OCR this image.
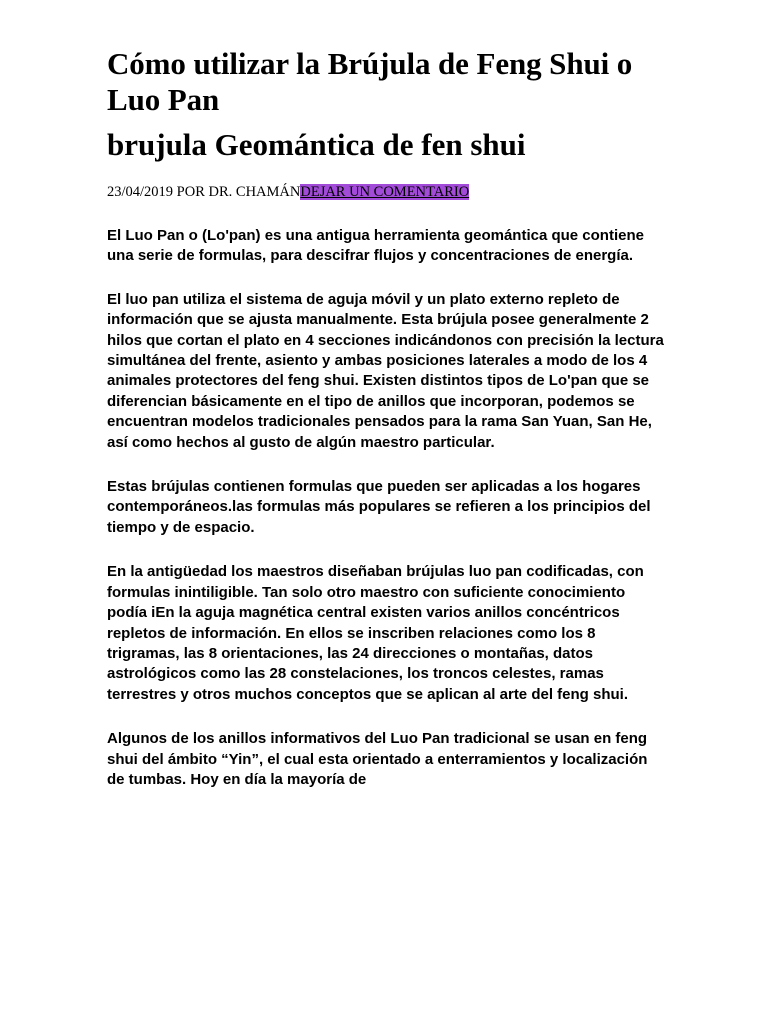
Cómo utilizar la Brújula de Feng Shui o Luo Pan
brujula Geomántica de fen shui
23/04/2019 POR DR. CHAMÁNDEJAR UN COMENTARIO

El Luo Pan o (Lo'pan) es una antigua herramienta geomántica que contiene una serie de formulas, para descifrar flujos y concentraciones de energía.

El luo pan utiliza el sistema de aguja móvil y un plato externo repleto de información que se ajusta manualmente. Esta brújula posee generalmente 2 hilos que cortan el plato en 4 secciones indicándonos con precisión la lectura simultánea del frente, asiento y ambas posiciones laterales a modo de los 4 animales protectores del feng shui. Existen distintos tipos de Lo'pan que se diferencian básicamente en el tipo de anillos que incorporan, podemos se encuentran modelos tradicionales pensados para la rama San Yuan, San He, así como hechos al gusto de algún maestro particular.

Estas brújulas contienen formulas que pueden ser aplicadas a los hogares contemporáneos.las formulas más populares se refieren a los principios del tiempo y de espacio.

En la antigüedad los maestros diseñaban brújulas luo pan codificadas, con formulas inintiligible. Tan solo otro maestro con suficiente conocimiento podía iEn la aguja magnética central existen varios anillos concéntricos repletos de información. En ellos se inscriben relaciones como los 8 trigramas, las 8 orientaciones, las 24 direcciones o montañas, datos astrológicos como las 28 constelaciones, los troncos celestes, ramas terrestres y otros muchos conceptos que se aplican al arte del feng shui.

Algunos de los anillos informativos del Luo Pan tradicional se usan en feng shui del ámbito “Yin”, el cual esta orientado a enterramientos y localización de tumbas. Hoy en día la mayoría de
